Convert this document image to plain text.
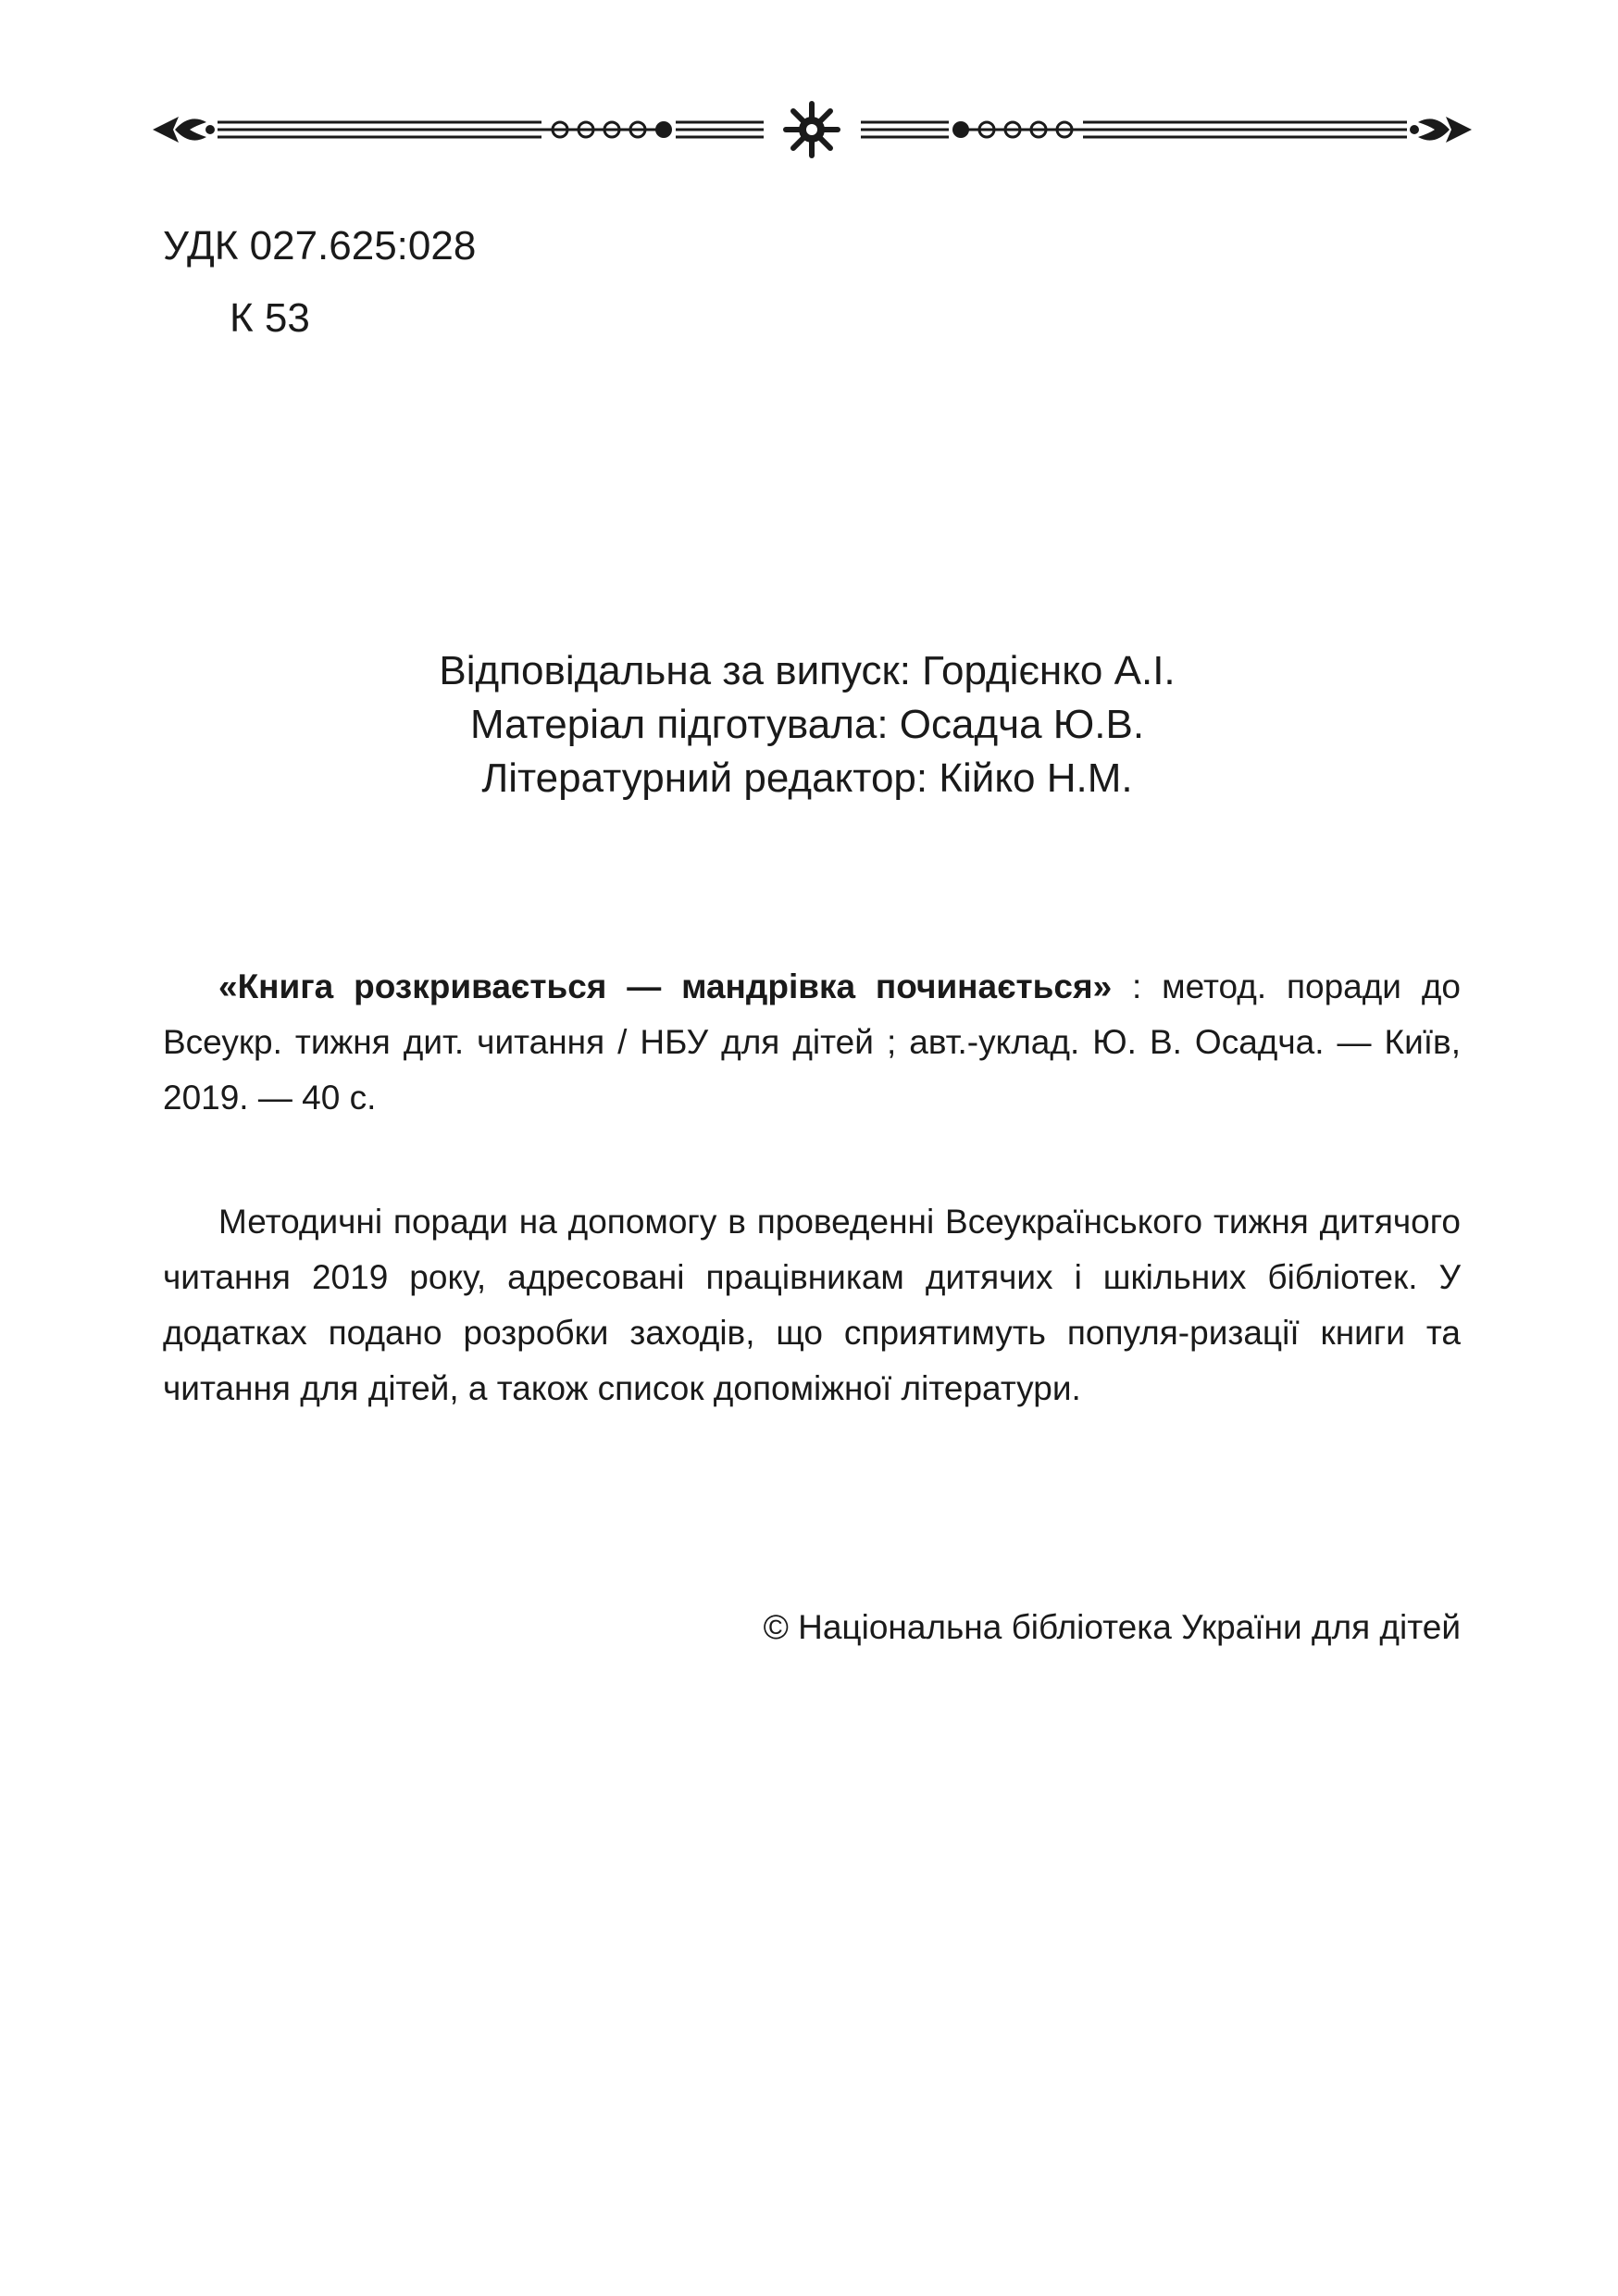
УДК 027.625:028

К 53

Відповідальна за випуск: Гордієнко А.І.
Матеріал підготувала: Осадча Ю.В.
Літературний редактор: Кійко Н.М.

«Книга розкривається — мандрівка починається» : метод. поради до Всеукр. тижня дит. читання / НБУ для дітей ; авт.-уклад. Ю. В. Осадча. — Київ, 2019. — 40 с.

Методичні поради на допомогу в проведенні Всеукраїнського тижня дитячого читання 2019 року, адресовані працівникам дитячих і шкільних бібліотек. У додатках подано розробки заходів, що сприятимуть популя-ризації книги та читання для дітей, а також список допоміжної літератури.

© Національна бібліотека України для дітей
